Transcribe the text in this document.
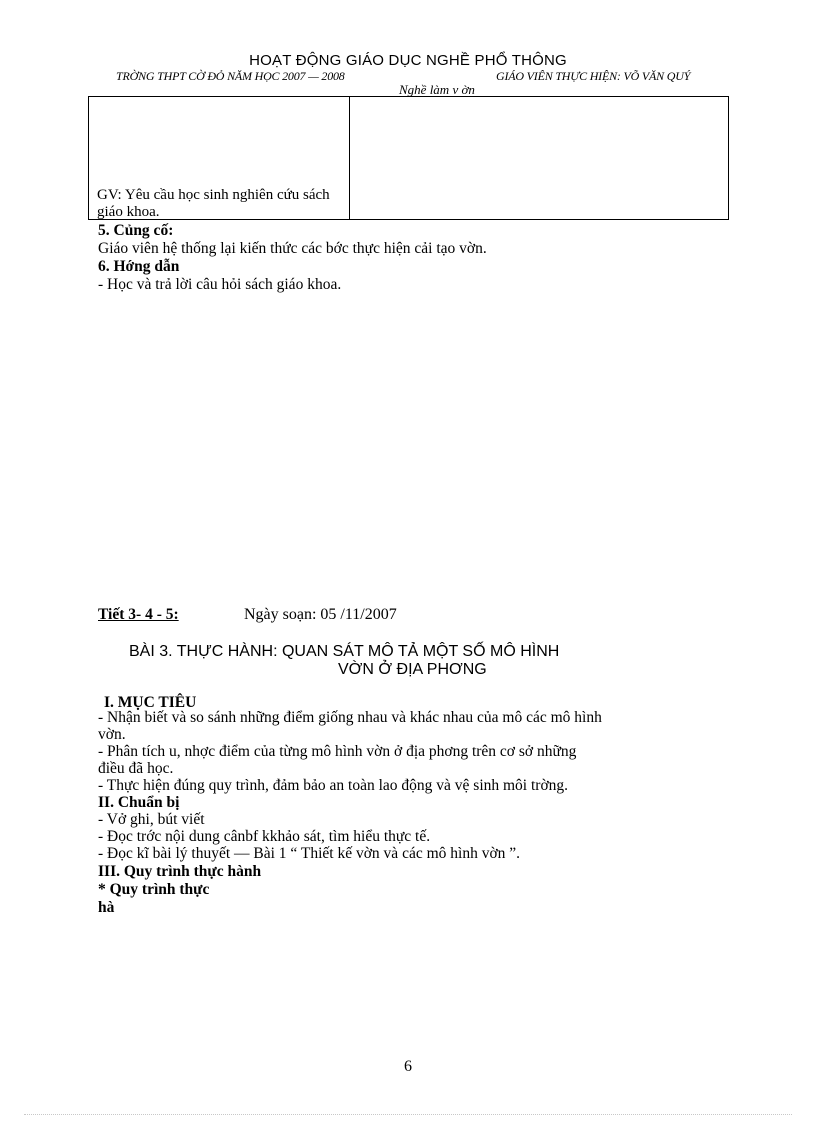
HOẠT ĐỘNG GIÁO DỤC NGHỀ PHỔ THÔNG
TRỜNG THPT CỜ ĐỎ NĂM HỌC 2007 — 2008	GIÁO VIÊN THỰC HIỆN: VÕ VĂN QUÝ
Nghề làm v ờn
GV: Yêu cầu học sinh nghiên cứu sách giáo khoa.
5. Củng cố:
Giáo viên hệ thống lại kiến thức các bớc thực hiện cải tạo vờn.
6. Hớng dẫn
- Học và trả lời câu hỏi sách giáo khoa.
Tiết 3- 4 - 5:	Ngày soạn: 05 /11/2007
BÀI 3. THỰC HÀNH: QUAN SÁT MÔ TẢ MỘT SỐ MÔ HÌNH
VỜN Ở ĐỊA PHƠNG
I. MỤC TIÊU
- Nhận biết và so sánh những điểm giống nhau và khác nhau của mô các mô hình
vờn.
- Phân tích u, nhợc điểm của từng mô hình vờn ở địa phơng trên cơ sở những
điều đã học.
- Thực hiện đúng quy trình, đảm bảo an toàn lao động và vệ sinh môi trờng.
II. Chuẩn bị
- Vở ghi, bút viết
- Đọc trớc nội dung cânbf kkhảo sát, tìm hiểu thực tế.
- Đọc kĩ bài lý thuyết — Bài 1 “ Thiết kế vờn và các mô hình vờn ”.
III. Quy trình thực hành
* Quy trình thực
hà
6
